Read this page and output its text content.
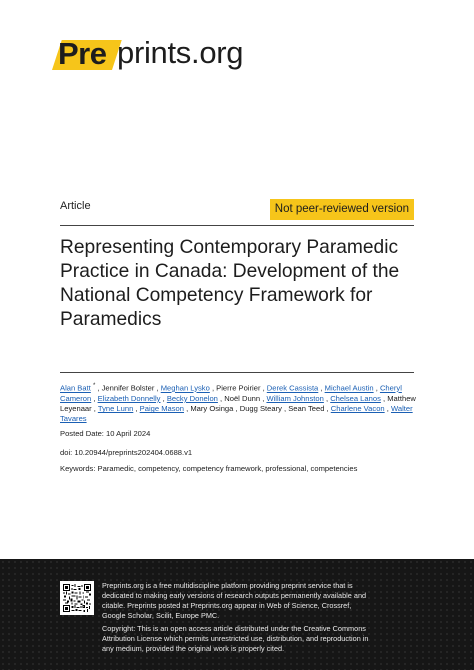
Pre prints.org
Article	Not peer-reviewed version
Representing Contemporary Paramedic Practice in Canada: Development of the National Competency Framework for Paramedics
Alan Batt * , Jennifer Bolster , Meghan Lysko , Pierre Poirier , Derek Cassista , Michael Austin , Cheryl Cameron , Elizabeth Donnelly , Becky Donelon , Noël Dunn , William Johnston , Chelsea Lanos , Matthew Leyenaar , Tyne Lunn , Paige Mason , Mary Osinga , Dugg Steary , Sean Teed , Charlene Vacon , Walter Tavares
Posted Date: 10 April 2024
doi: 10.20944/preprints202404.0688.v1
Keywords: Paramedic, competency, competency framework, professional, competencies
Preprints.org is a free multidiscipline platform providing preprint service that is dedicated to making early versions of research outputs permanently available and citable. Preprints posted at Preprints.org appear in Web of Science, Crossref, Google Scholar, Scilit, Europe PMC.
Copyright: This is an open access article distributed under the Creative Commons Attribution License which permits unrestricted use, distribution, and reproduction in any medium, provided the original work is properly cited.
